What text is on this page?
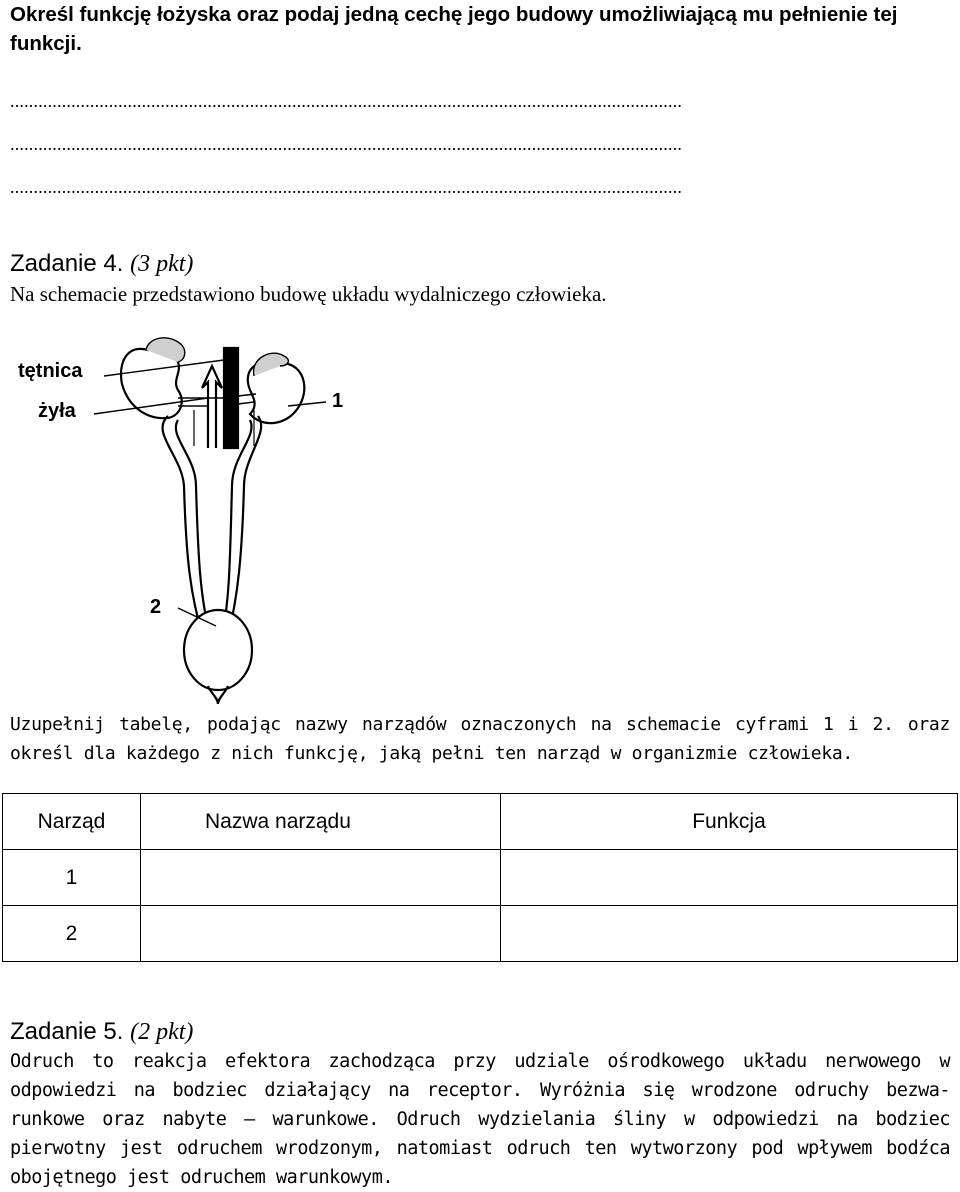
Określ funkcję łożyska oraz podaj jedną cechę jego budowy umożliwiającą mu pełnienie tej funkcji.
...............................................................................................................................................
...............................................................................................................................................
...............................................................................................................................................
Zadanie 4. (3 pkt)
Na schemacie przedstawiono budowę układu wydalniczego człowieka.
tętnica
żyła	1
2
Uzupełnij tabelę, podając nazwy narządów oznaczonych na schemacie cyframi 1 i 2. oraz określ dla każdego z nich funkcję, jaką pełni ten narząd w organizmie człowieka.
Narząd	Nazwa narządu	Funkcja
1		
2		
Zadanie 5. (2 pkt)
Odruch to reakcja efektora zachodząca przy udziale ośrodkowego układu nerwowego w odpowiedzi na bodziec działający na receptor. Wyróżnia się wrodzone odruchy bezwa-runkowe oraz nabyte – warunkowe. Odruch wydzielania śliny w odpowiedzi na bodziec pierwotny jest odruchem wrodzonym, natomiast odruch ten wytworzony pod wpływem bodźca obojętnego jest odruchem warunkowym.
